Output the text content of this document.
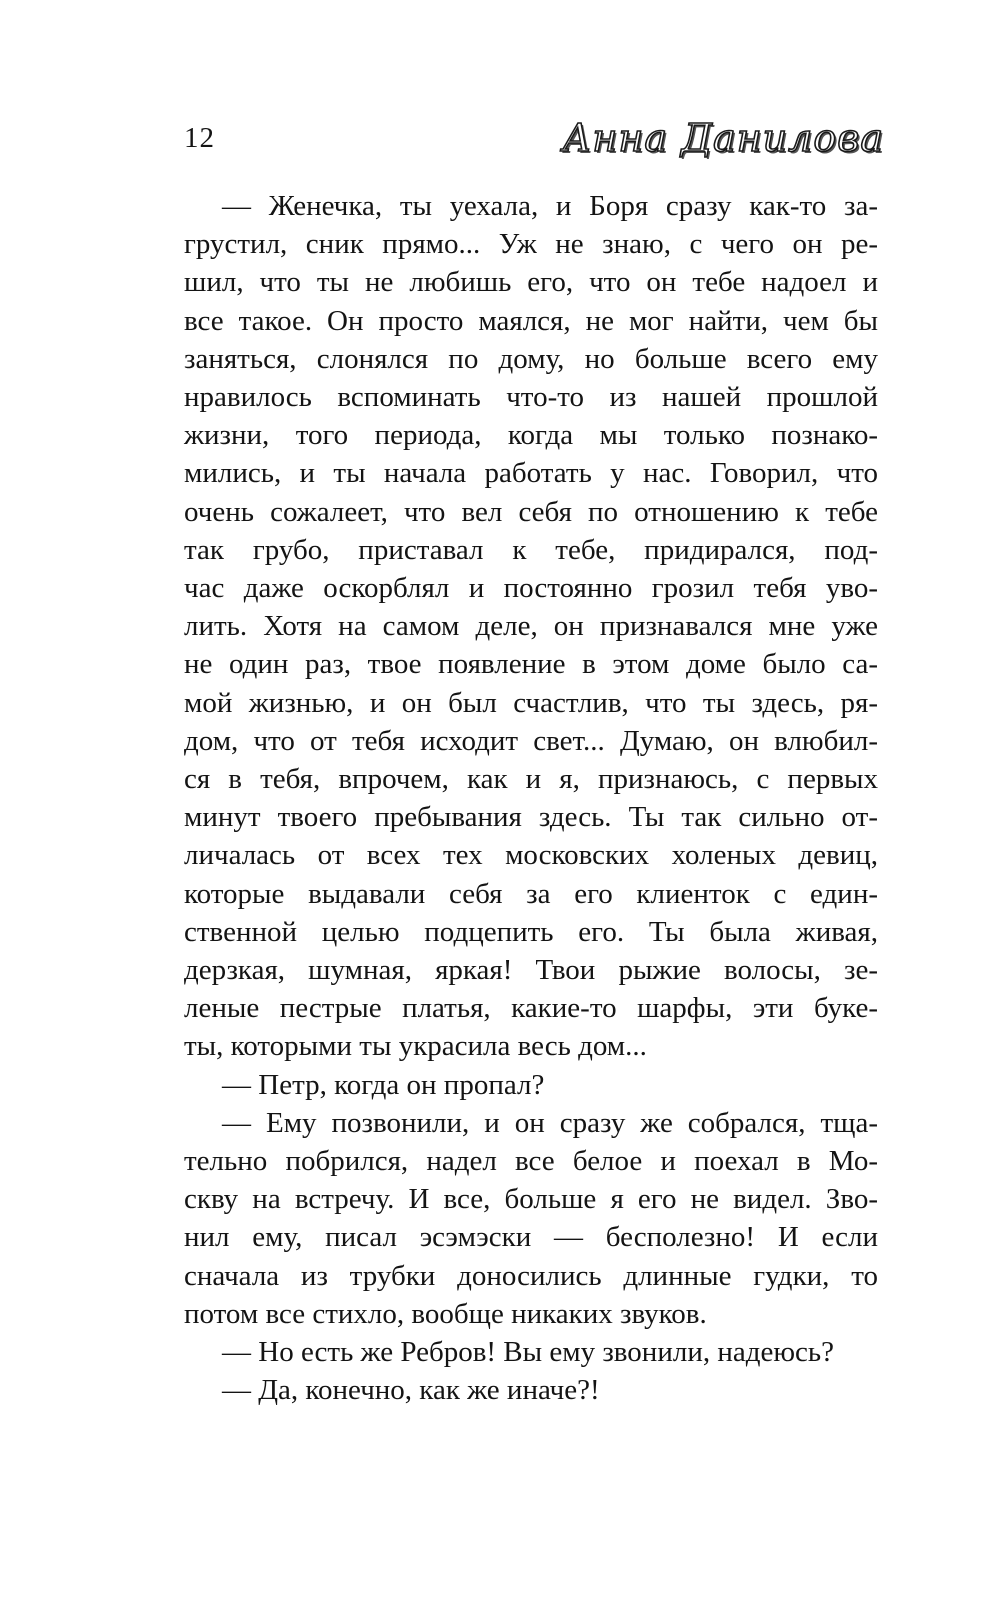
12	Анна Данилова
— Женечка, ты уехала, и Боря сразу как-то за-
грустил, сник прямо... Уж не знаю, с чего он ре-
шил, что ты не любишь его, что он тебе надоел и
все такое. Он просто маялся, не мог найти, чем бы
заняться, слонялся по дому, но больше всего ему
нравилось вспоминать что-то из нашей прошлой
жизни, того периода, когда мы только познако-
мились, и ты начала работать у нас. Говорил, что
очень сожалеет, что вел себя по отношению к тебе
так грубо, приставал к тебе, придирался, под-
час даже оскорблял и постоянно грозил тебя уво-
лить. Хотя на самом деле, он признавался мне уже
не один раз, твое появление в этом доме было са-
мой жизнью, и он был счастлив, что ты здесь, ря-
дом, что от тебя исходит свет... Думаю, он влюбил-
ся в тебя, впрочем, как и я, признаюсь, с первых
минут твоего пребывания здесь. Ты так сильно от-
личалась от всех тех московских холеных девиц,
которые выдавали себя за его клиенток с един-
ственной целью подцепить его. Ты была живая,
дерзкая, шумная, яркая! Твои рыжие волосы, зе-
леные пестрые платья, какие-то шарфы, эти буке-
ты, которыми ты украсила весь дом...
— Петр, когда он пропал?
— Ему позвонили, и он сразу же собрался, тща-
тельно побрился, надел все белое и поехал в Мо-
скву на встречу. И все, больше я его не видел. Зво-
нил ему, писал эсэмэски — бесполезно! И если
сначала из трубки доносились длинные гудки, то
потом все стихло, вообще никаких звуков.
— Но есть же Ребров! Вы ему звонили, надеюсь?
— Да, конечно, как же иначе?!
